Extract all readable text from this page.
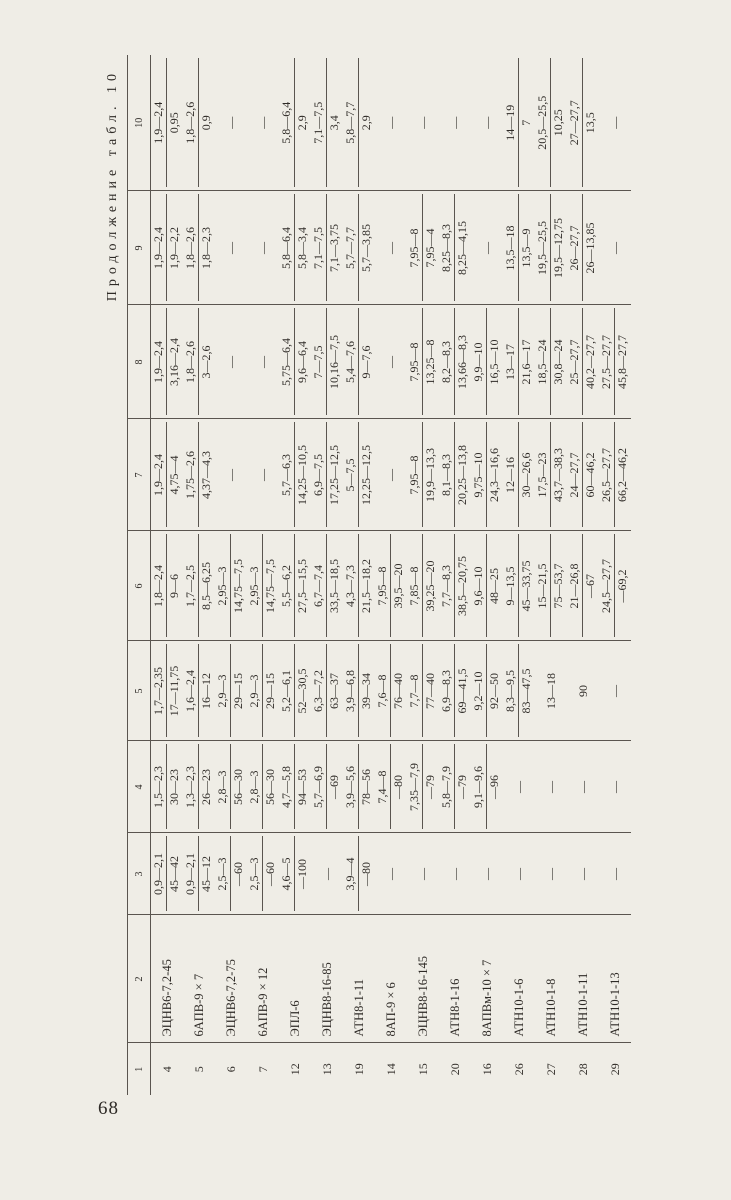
68
Продолжение табл. 10
1	2	3	4	5	6	7	8	9	10
4	ЭЦНВ6-7,2-45	0,9—2,1 45—42	1,5—2,3 30—23	1,7—2,35 17—11,75	1,8—2,4 9—6	1,9—2,4 4,75—4	1,9—2,4 3,16—2,4	1,9—2,4 1,9—2,2	1,9—2,4 0,95

5	6АПВ-9 × 7	0,9—2,1 45—12	1,3—2,3 26—23	1,6—2,4 16—12	1,7—2,5 8,5—6,25	1,75—2,6 4,37—4,3	1,8—2,6 3—2,6	1,8—2,6 1,8—2,3	1,8—2,6 0,9

6	ЭЦНВ6-7,2-75	2,5—3 —60	2,8—3 56—30	2,9—3 29—15	2,95—3 14,75—7,5	—	—	—	—

7	6АПВ-9 × 12	2,5—3 —60	2,8—3 56—30	2,9—3 29—15	2,95—3 14,75—7,5	—	—	—	—

12	ЭПЛ-6	4,6—5 —100	4,7—5,8 94—53	5,2—6,1 52—30,5	5,5—6,2 27,5—15,5	5,7—6,3 14,25—10,5	5,75—6,4 9,6—6,4	5,8—6,4 5,8—3,4	5,8—6,4 2,9

13	ЭЦНВ8-16-85	—	5,7—6,9 —69	6,3—7,2 63—37	6,7—7,4 33,5—18,5	6,9—7,5 17,25—12,5	7—7,5 10,16—7,5	7,1—7,5 7,1—3,75	7,1—7,5 3,4

19	АТН8-1-11	3,9—4 —80	3,9—5,6 78—56	3,9—6,8 39—34	4,3—7,3 21,5—18,2	5—7,5 12,25—12,5	5,4—7,6 9—7,6	5,7—7,7 5,7—3,85	5,8—7,7 2,9

14	8АП-9 × 6	—	7,4—8 —80	7,6—8 76—40	7,95—8 39,5—20	—	—	—	—

15	ЭЦНВ8-16-145	—	7,35—7,9 —79	7,7—8 77—40	7,85—8 39,25—20	7,95—8 19,9—13,3	7,95—8 13,25—8	7,95—8 7,95—4	—

20	АТН8-1-16	—	5,8—7,9 —79	6,9—8,3 69—41,5	7,7—8,3 38,5—20,75	8,1—8,3 20,25—13,8	8,2—8,3 13,66—8,3	8,25—8,3 8,25—4,15	—

16	8АПВм-10 × 7	—	9,1—9,6 —96	9,2—10 92—50	9,6—10 48—25	9,75—10 24,3—16,6	9,9—10 16,5—10	—	—

26	АТН10-1-6	—	—	8,3—9,5 83—47,5	9—13,5 45—33,75	12—16 30—26,6	13—17 21,6—17	13,5—18 13,5—9	14—19 7

27	АТН10-1-8	—	—	13—18	15—21,5 75—53,7	17,5—23 43,7—38,3	18,5—24 30,8—24	19,5—25,5 19,5—12,75	20,5—25,5 10,25

28	АТН10-1-11	—	—	90	21—26,8 —67	24—27,7 60—46,2	25—27,7 40,2—27,7	26—27,7 26—13,85	27—27,7 13,5

29	АТН10-1-13	—	—	—	24,5—27,7 —69,2	26,5—27,7 66,2—46,2	27,5—27,7 45,8—27,7	—	—
